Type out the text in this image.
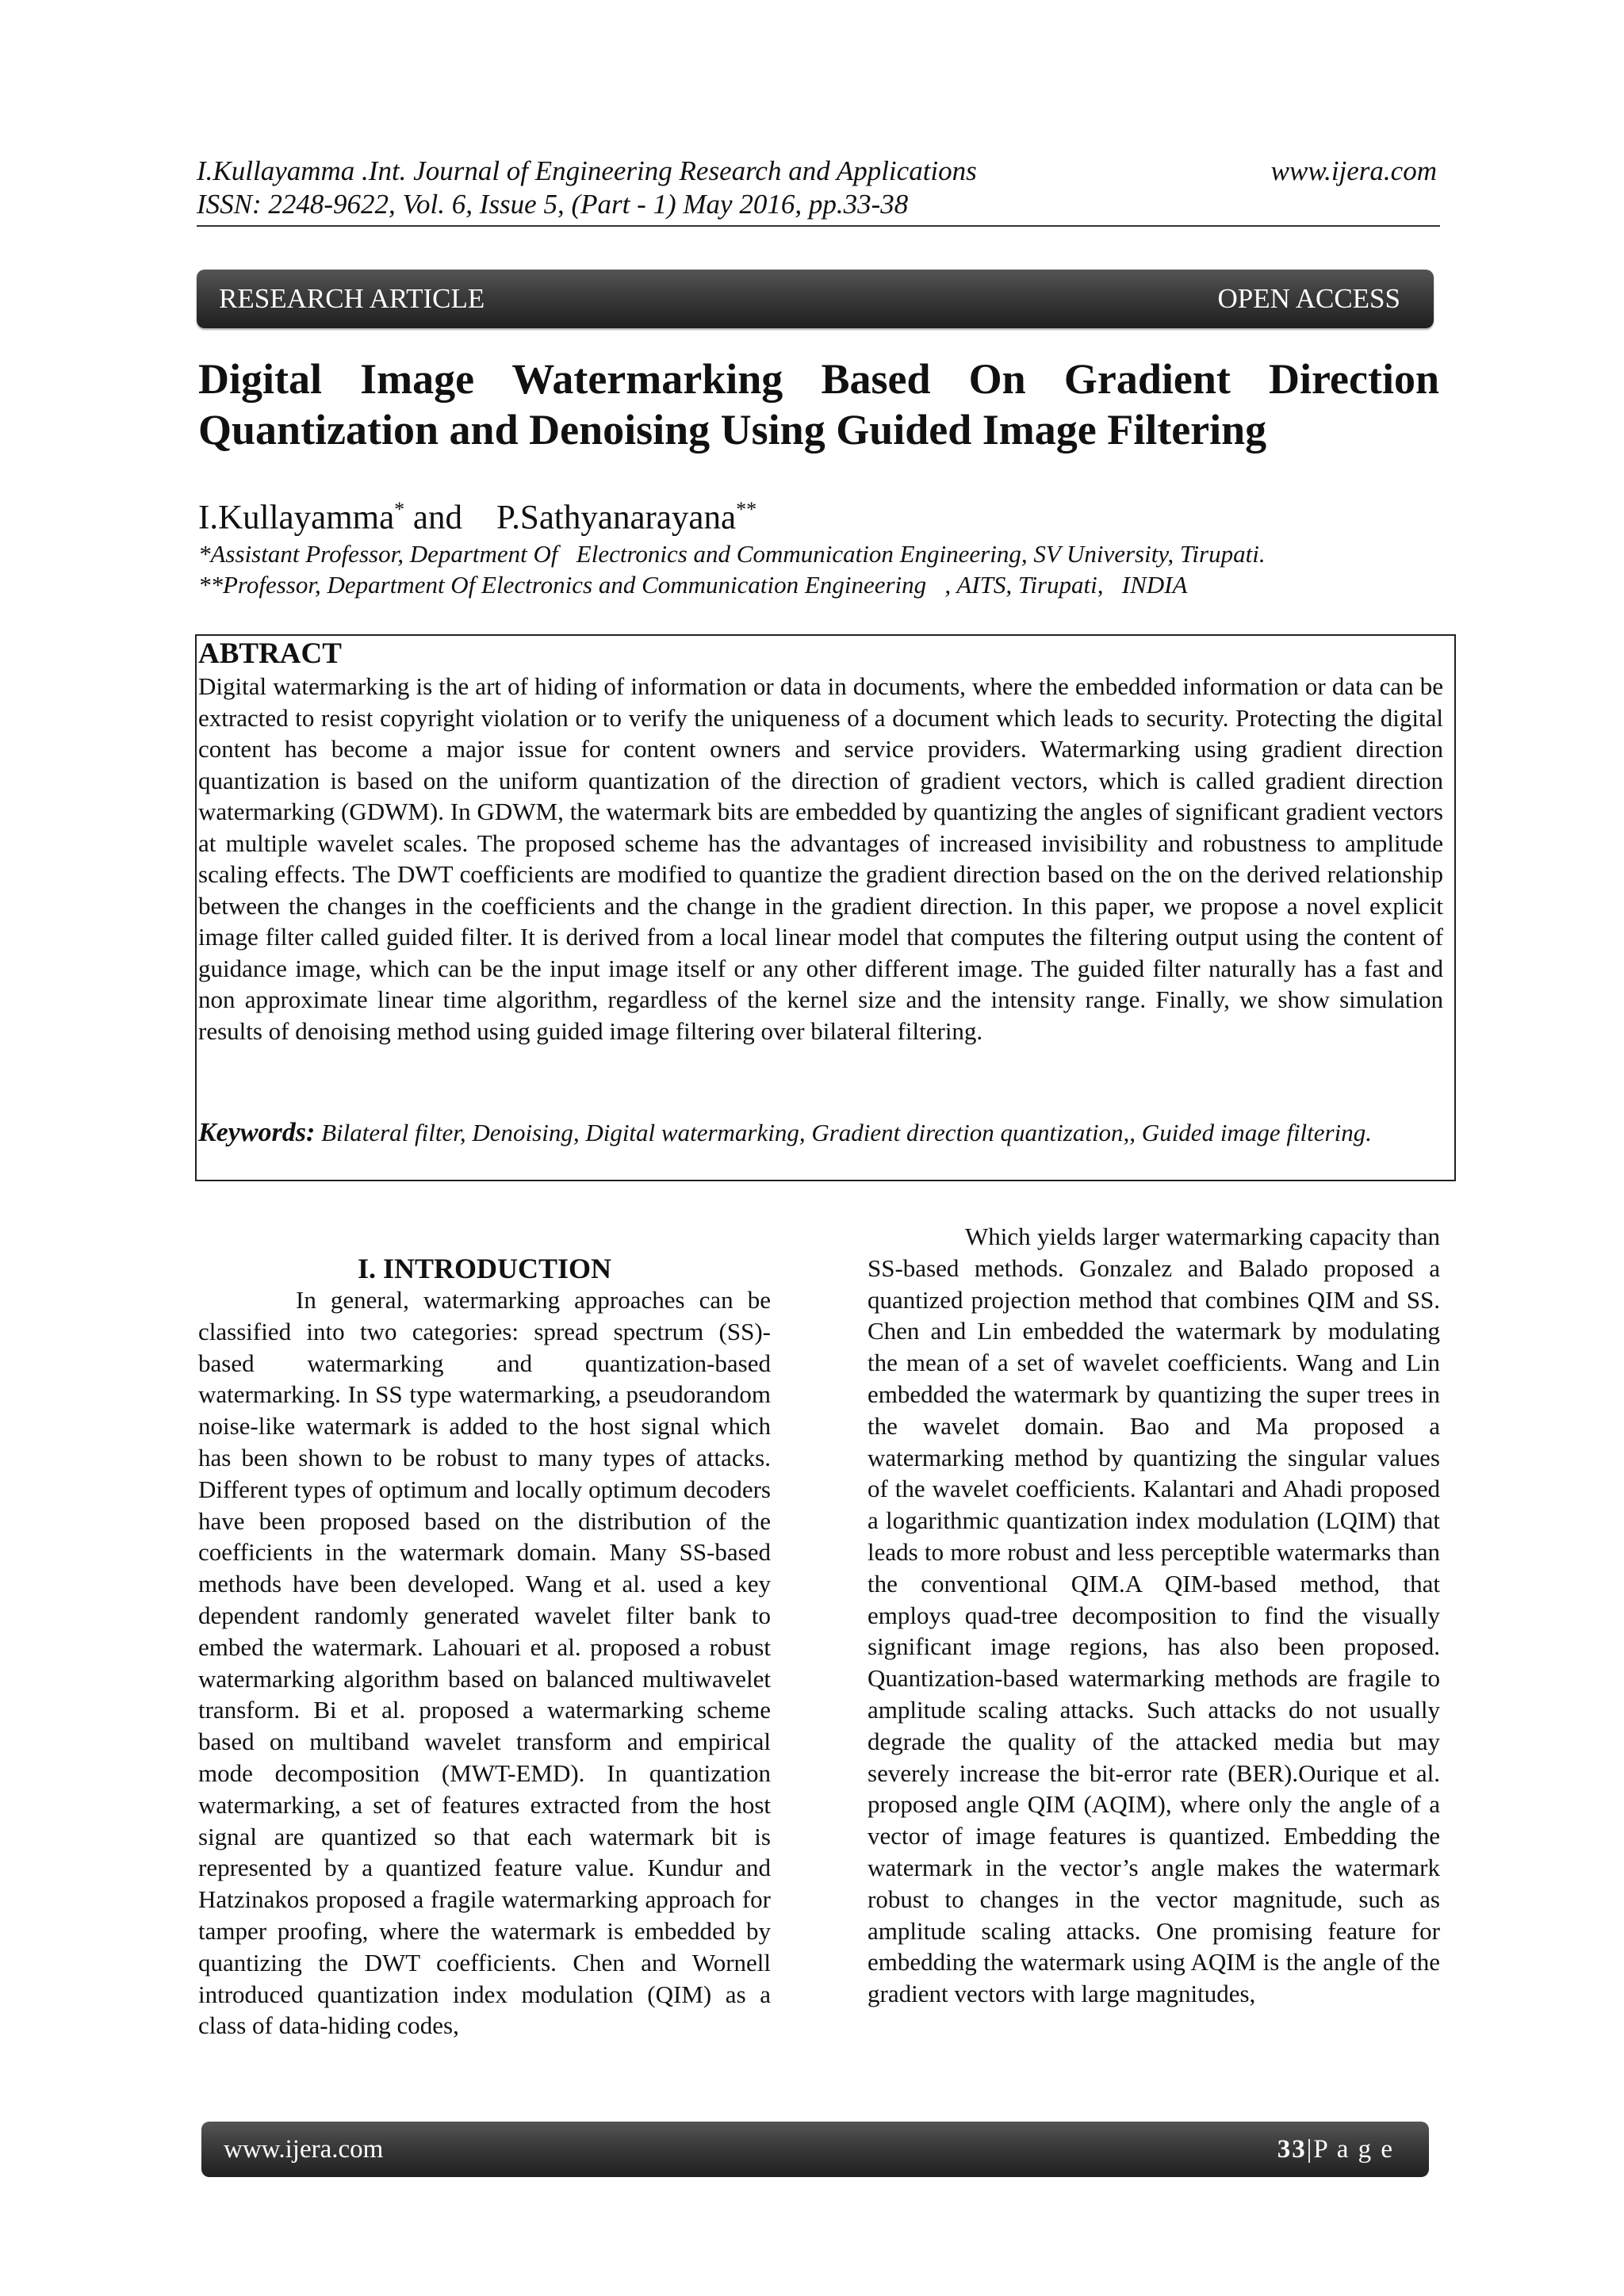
I.Kullayamma .Int. Journal of Engineering Research and Applications	www.ijera.com
ISSN: 2248-9622, Vol. 6, Issue 5, (Part - 1) May 2016, pp.33-38
RESEARCH ARTICLE	OPEN ACCESS
Digital Image Watermarking Based On Gradient Direction
Quantization and Denoising Using Guided Image Filtering
I.Kullayamma* and P.Sathyanarayana**
*Assistant Professor, Department Of   Electronics and Communication Engineering, SV University, Tirupati.
**Professor, Department Of Electronics and Communication Engineering   , AITS, Tirupati,   INDIA
ABTRACT
Digital watermarking is the art of hiding of information or data in documents, where the embedded information or data can be extracted to resist copyright violation or to verify the uniqueness of a document which leads to security. Protecting the digital content has become a major issue for content owners and service providers. Watermarking using gradient direction quantization is based on the uniform quantization of the direction of gradient vectors, which is called gradient direction watermarking (GDWM). In GDWM, the watermark bits are embedded by quantizing the angles of significant gradient vectors at multiple wavelet scales. The proposed scheme has the advantages of increased invisibility and robustness to amplitude scaling effects. The DWT coefficients are modified to quantize the gradient direction based on the on the derived relationship between the changes in the coefficients and the change in the gradient direction. In this paper, we propose a novel explicit image filter called guided filter. It is derived from a local linear model that computes the filtering output using the content of guidance image, which can be the input image itself or any other different image. The guided filter naturally has a fast and non approximate linear time algorithm, regardless of the kernel size and the intensity range. Finally, we show simulation results of denoising method using guided image filtering over bilateral filtering.
Keywords: Bilateral filter, Denoising, Digital watermarking, Gradient direction quantization,, Guided image filtering.

I. INTRODUCTION

In general, watermarking approaches can be classified into two categories: spread spectrum (SS)-based watermarking and quantization-based watermarking. In SS type watermarking, a pseudorandom noise-like watermark is added to the host signal which has been shown to be robust to many types of attacks. Different types of optimum and locally optimum decoders have been proposed based on the distribution of the coefficients in the watermark domain. Many SS-based methods have been developed. Wang et al. used a key dependent randomly generated wavelet filter bank to embed the watermark. Lahouari et al. proposed a robust watermarking algorithm based on balanced multiwavelet transform. Bi et al. proposed a watermarking scheme based on multiband wavelet transform and empirical mode decomposition (MWT-EMD). In quantization watermarking, a set of features extracted from the host signal are quantized so that each watermark bit is represented by a quantized feature value. Kundur and Hatzinakos proposed a fragile watermarking approach for tamper proofing, where the watermark is embedded by quantizing the DWT coefficients. Chen and Wornell introduced quantization index modulation (QIM) as a class of data-hiding codes,

Which yields larger watermarking capacity than SS-based methods. Gonzalez and Balado proposed a quantized projection method that combines QIM and SS. Chen and Lin embedded the watermark by modulating the mean of a set of wavelet coefficients. Wang and Lin embedded the watermark by quantizing the super trees in the wavelet domain. Bao and Ma proposed a watermarking method by quantizing the singular values of the wavelet coefficients. Kalantari and Ahadi proposed a logarithmic quantization index modulation (LQIM) that leads to more robust and less perceptible watermarks than the conventional QIM.A QIM-based method, that employs quad-tree decomposition to find the visually significant image regions, has also been proposed. Quantization-based watermarking methods are fragile to amplitude scaling attacks. Such attacks do not usually degrade the quality of the attacked media but may severely increase the bit-error rate (BER).Ourique et al. proposed angle QIM (AQIM), where only the angle of a vector of image features is quantized. Embedding the watermark in the vector’s angle makes the watermark robust to changes in the vector magnitude, such as amplitude scaling attacks. One promising feature for embedding the watermark using AQIM is the angle of the gradient vectors with large magnitudes,

www.ijera.com	33|P a g e
